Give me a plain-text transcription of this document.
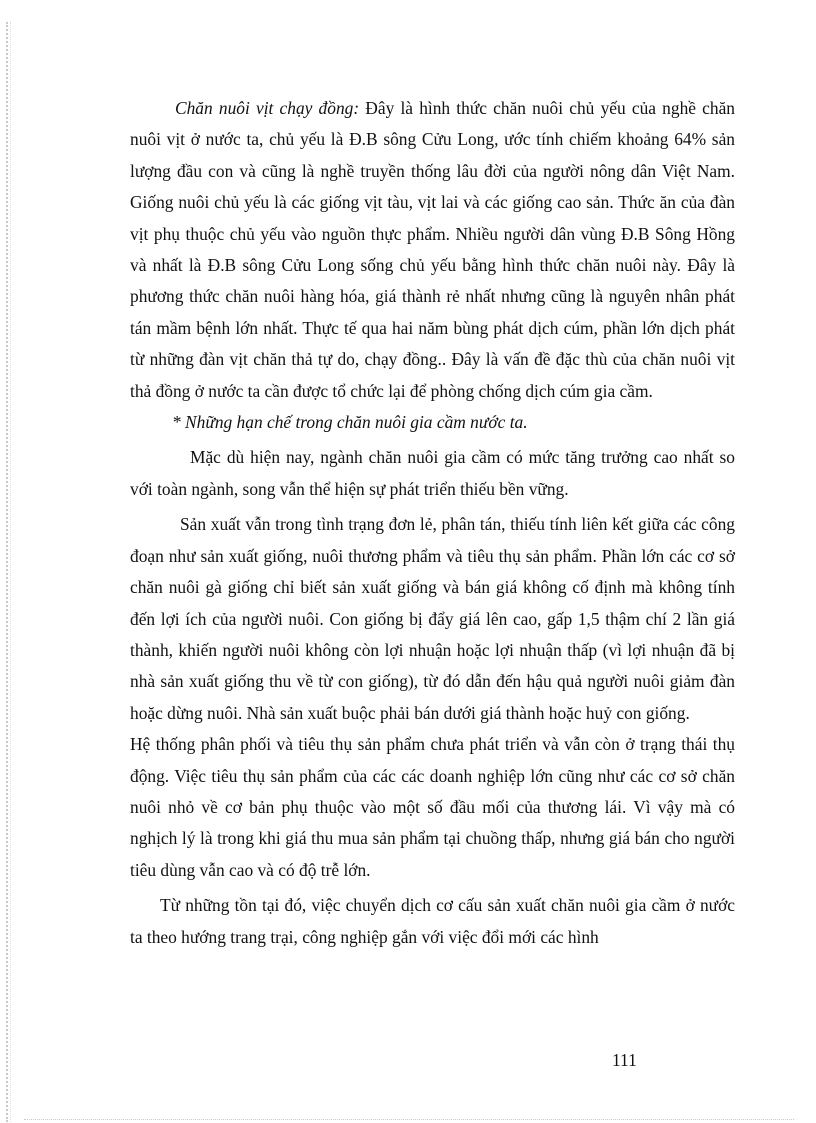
Chăn nuôi vịt chạy đồng: Đây là hình thức chăn nuôi chủ yếu của nghề chăn nuôi vịt ở nước ta, chủ yếu là Đ.B sông Cửu Long, ước tính chiếm khoảng 64% sản lượng đầu con và cũng là nghề truyền thống lâu đời của người nông dân Việt Nam. Giống nuôi chủ yếu là các giống vịt tàu, vịt lai và các giống cao sản. Thức ăn của đàn vịt phụ thuộc chủ yếu vào nguồn thực phẩm. Nhiều người dân vùng Đ.B Sông Hồng và nhất là Đ.B sông Cửu Long sống chủ yếu bằng hình thức chăn nuôi này. Đây là phương thức chăn nuôi hàng hóa, giá thành rẻ nhất nhưng cũng là nguyên nhân phát tán mầm bệnh lớn nhất. Thực tế qua hai năm bùng phát dịch cúm, phần lớn dịch phát từ những đàn vịt chăn thả tự do, chạy đồng.. Đây là vấn đề đặc thù của chăn nuôi vịt thả đồng ở nước ta cần được tổ chức lại để phòng chống dịch cúm gia cầm.

* Những hạn chế trong chăn nuôi gia cầm nước ta.

Mặc dù hiện nay, ngành chăn nuôi gia cầm có mức tăng trưởng cao nhất so với toàn ngành, song vẫn thể hiện sự phát triển thiếu bền vững.

Sản xuất vẫn trong tình trạng đơn lẻ, phân tán, thiếu tính liên kết giữa các công đoạn như sản xuất giống, nuôi thương phẩm và tiêu thụ sản phẩm. Phần lớn các cơ sở chăn nuôi gà giống chỉ biết sản xuất giống và bán giá không cố định mà không tính đến lợi ích của người nuôi. Con giống bị đẩy giá lên cao, gấp 1,5 thậm chí 2 lần giá thành, khiến người nuôi không còn lợi nhuận hoặc lợi nhuận thấp (vì lợi nhuận đã bị nhà sản xuất giống thu về từ con giống), từ đó dẫn đến hậu quả người nuôi giảm đàn hoặc dừng nuôi. Nhà sản xuất buộc phải bán dưới giá thành hoặc huỷ con giống.

Hệ thống phân phối và tiêu thụ sản phẩm chưa phát triển và vẫn còn ở trạng thái thụ động. Việc tiêu thụ sản phẩm của các các doanh nghiệp lớn cũng như các cơ sở chăn nuôi nhỏ về cơ bản phụ thuộc vào một số đầu mối của thương lái. Vì vậy mà có nghịch lý là trong khi giá thu mua sản phẩm tại chuồng thấp, nhưng giá bán cho người tiêu dùng vẫn cao và có độ trễ lớn.

Từ những tồn tại đó, việc chuyển dịch cơ cấu sản xuất chăn nuôi gia cầm ở nước ta theo hướng trang trại, công nghiệp gắn với việc đổi mới các hình

111
